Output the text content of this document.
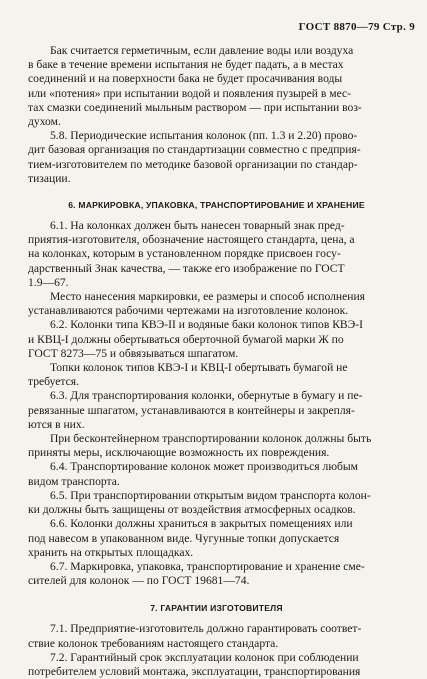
ГОСТ 8870—79 Стр. 9

Бак считается герметичным, если давление воды или воздуха

в баке в течение времени испытания не будет падать, а в местах

соединений и на поверхности бака не будет просачивания воды

или «потения» при испытании водой и появления пузырей в мес-

тах смазки соединений мыльным раствором — при испытании воз-

духом.

5.8. Периодические испытания колонок (пп. 1.3 и 2.20) прово-

дит базовая организация по стандартизации совместно с предприя-

тием-изготовителем по методике базовой организации по стандар-

тизации.

6. МАРКИРОВКА, УПАКОВКА, ТРАНСПОРТИРОВАНИЕ И ХРАНЕНИЕ

6.1. На колонках должен быть нанесен товарный знак пред-

приятия-изготовителя, обозначение настоящего стандарта, цена, а

на колонках, которым в установленном порядке присвоен госу-

дарственный Знак качества, — также его изображение по ГОСТ

1.9—67.

Место нанесения маркировки, ее размеры и способ исполнения

устанавливаются рабочими чертежами на изготовление колонок.

6.2. Колонки типа КВЭ-II и водяные баки колонок типов КВЭ-I

и КВЦ-I должны обертываться оберточной бумагой марки Ж по

ГОСТ 8273—75 и обвязываться шпагатом.

Топки колонок типов КВЭ-I и КВЦ-I обертывать бумагой не

требуется.

6.3. Для транспортирования колонки, обернутые в бумагу и пе-

ревязанные шпагатом, устанавливаются в контейнеры и закрепля-

ются в них.

При бесконтейнерном транспортировании колонок должны быть

приняты меры, исключающие возможность их повреждения.

6.4. Транспортирование колонок может производиться любым

видом транспорта.

6.5. При транспортировании открытым видом транспорта колон-

ки должны быть защищены от воздействия атмосферных осадков.

6.6. Колонки должны храниться в закрытых помещениях или

под навесом в упакованном виде. Чугунные топки допускается

хранить на открытых площадках.

6.7. Маркировка, упаковка, транспортирование и хранение сме-

сителей для колонок — по ГОСТ 19681—74.

7. ГАРАНТИИ ИЗГОТОВИТЕЛЯ

7.1. Предприятие-изготовитель должно гарантировать соответ-

ствие колонок требованиям настоящего стандарта.

7.2. Гарантийный срок эксплуатации колонок при соблюдении

потребителем условий монтажа, эксплуатации, транспортирования
